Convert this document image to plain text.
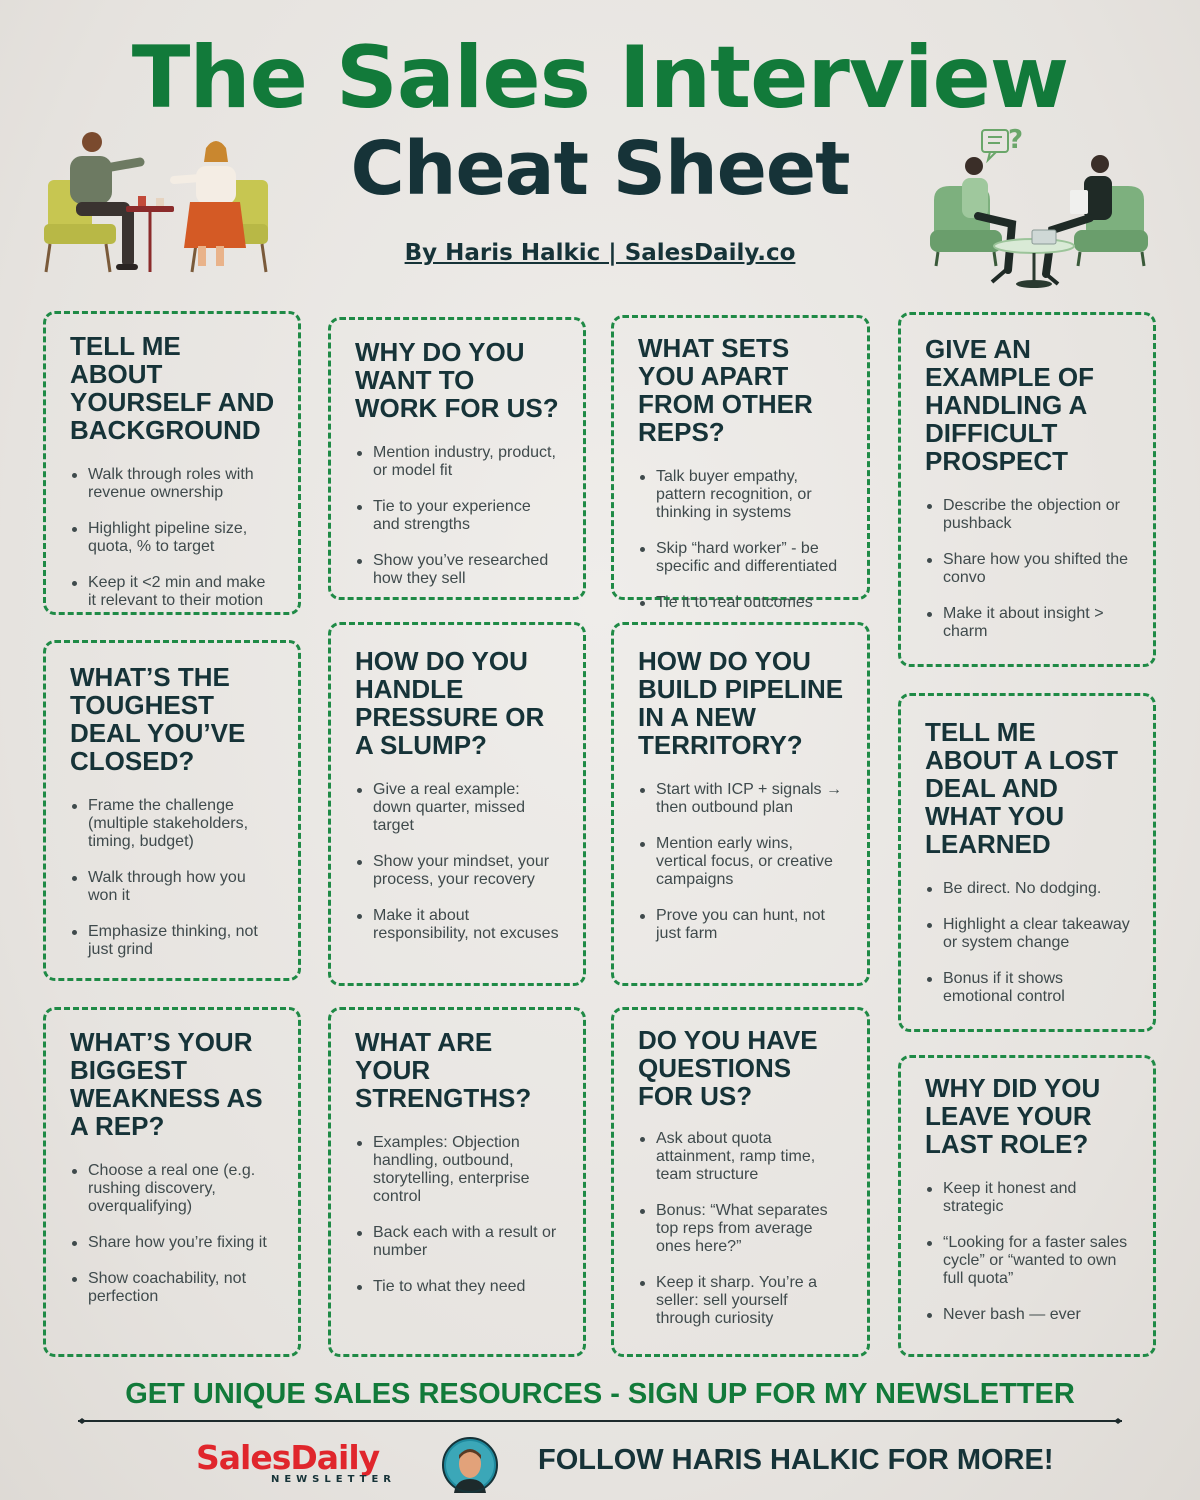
The Sales Interview
Cheat Sheet
By Haris Halkic | SalesDaily.co
?
TELL ME ABOUT YOURSELF AND BACKGROUND
Walk through roles with revenue ownership
Highlight pipeline size, quota, % to target
Keep it <2 min and make it relevant to their motion
WHY DO YOU WANT TO WORK FOR US?
Mention industry, product, or model fit
Tie to your experience and strengths
Show you’ve researched how they sell
WHAT SETS YOU APART FROM OTHER REPS?
Talk buyer empathy, pattern recognition, or thinking in systems
Skip “hard worker” - be specific and differentiated
Tie it to real outcomes
GIVE AN EXAMPLE OF HANDLING A DIFFICULT PROSPECT
Describe the objection or pushback
Share how you shifted the convo
Make it about insight > charm
WHAT’S THE TOUGHEST DEAL YOU’VE CLOSED?
Frame the challenge (multiple stakeholders, timing, budget)
Walk through how you won it
Emphasize thinking, not just grind
HOW DO YOU HANDLE PRESSURE OR A SLUMP?
Give a real example: down quarter, missed target
Show your mindset, your process, your recovery
Make it about responsibility, not excuses
HOW DO YOU BUILD PIPELINE IN A NEW TERRITORY?
Start with ICP + signals → then outbound plan
Mention early wins, vertical focus, or creative campaigns
Prove you can hunt, not just farm
TELL ME ABOUT A LOST DEAL AND WHAT YOU LEARNED
Be direct. No dodging.
Highlight a clear takeaway or system change
Bonus if it shows emotional control
WHAT’S YOUR BIGGEST WEAKNESS AS A REP?
Choose a real one (e.g. rushing discovery, overqualifying)
Share how you’re fixing it
Show coachability, not perfection
WHAT ARE YOUR STRENGTHS?
Examples: Objection handling, outbound, storytelling, enterprise control
Back each with a result or number
Tie to what they need
DO YOU HAVE QUESTIONS FOR US?
Ask about quota attainment, ramp time, team structure
Bonus: “What separates top reps from average ones here?”
Keep it sharp. You’re a seller: sell yourself through curiosity
WHY DID YOU LEAVE YOUR LAST ROLE?
Keep it honest and strategic
“Looking for a faster sales cycle” or “wanted to own full quota”
Never bash — ever
GET UNIQUE SALES RESOURCES - SIGN UP FOR MY NEWSLETTER
SalesDaily
NEWSLETTER
FOLLOW HARIS HALKIC FOR MORE!
